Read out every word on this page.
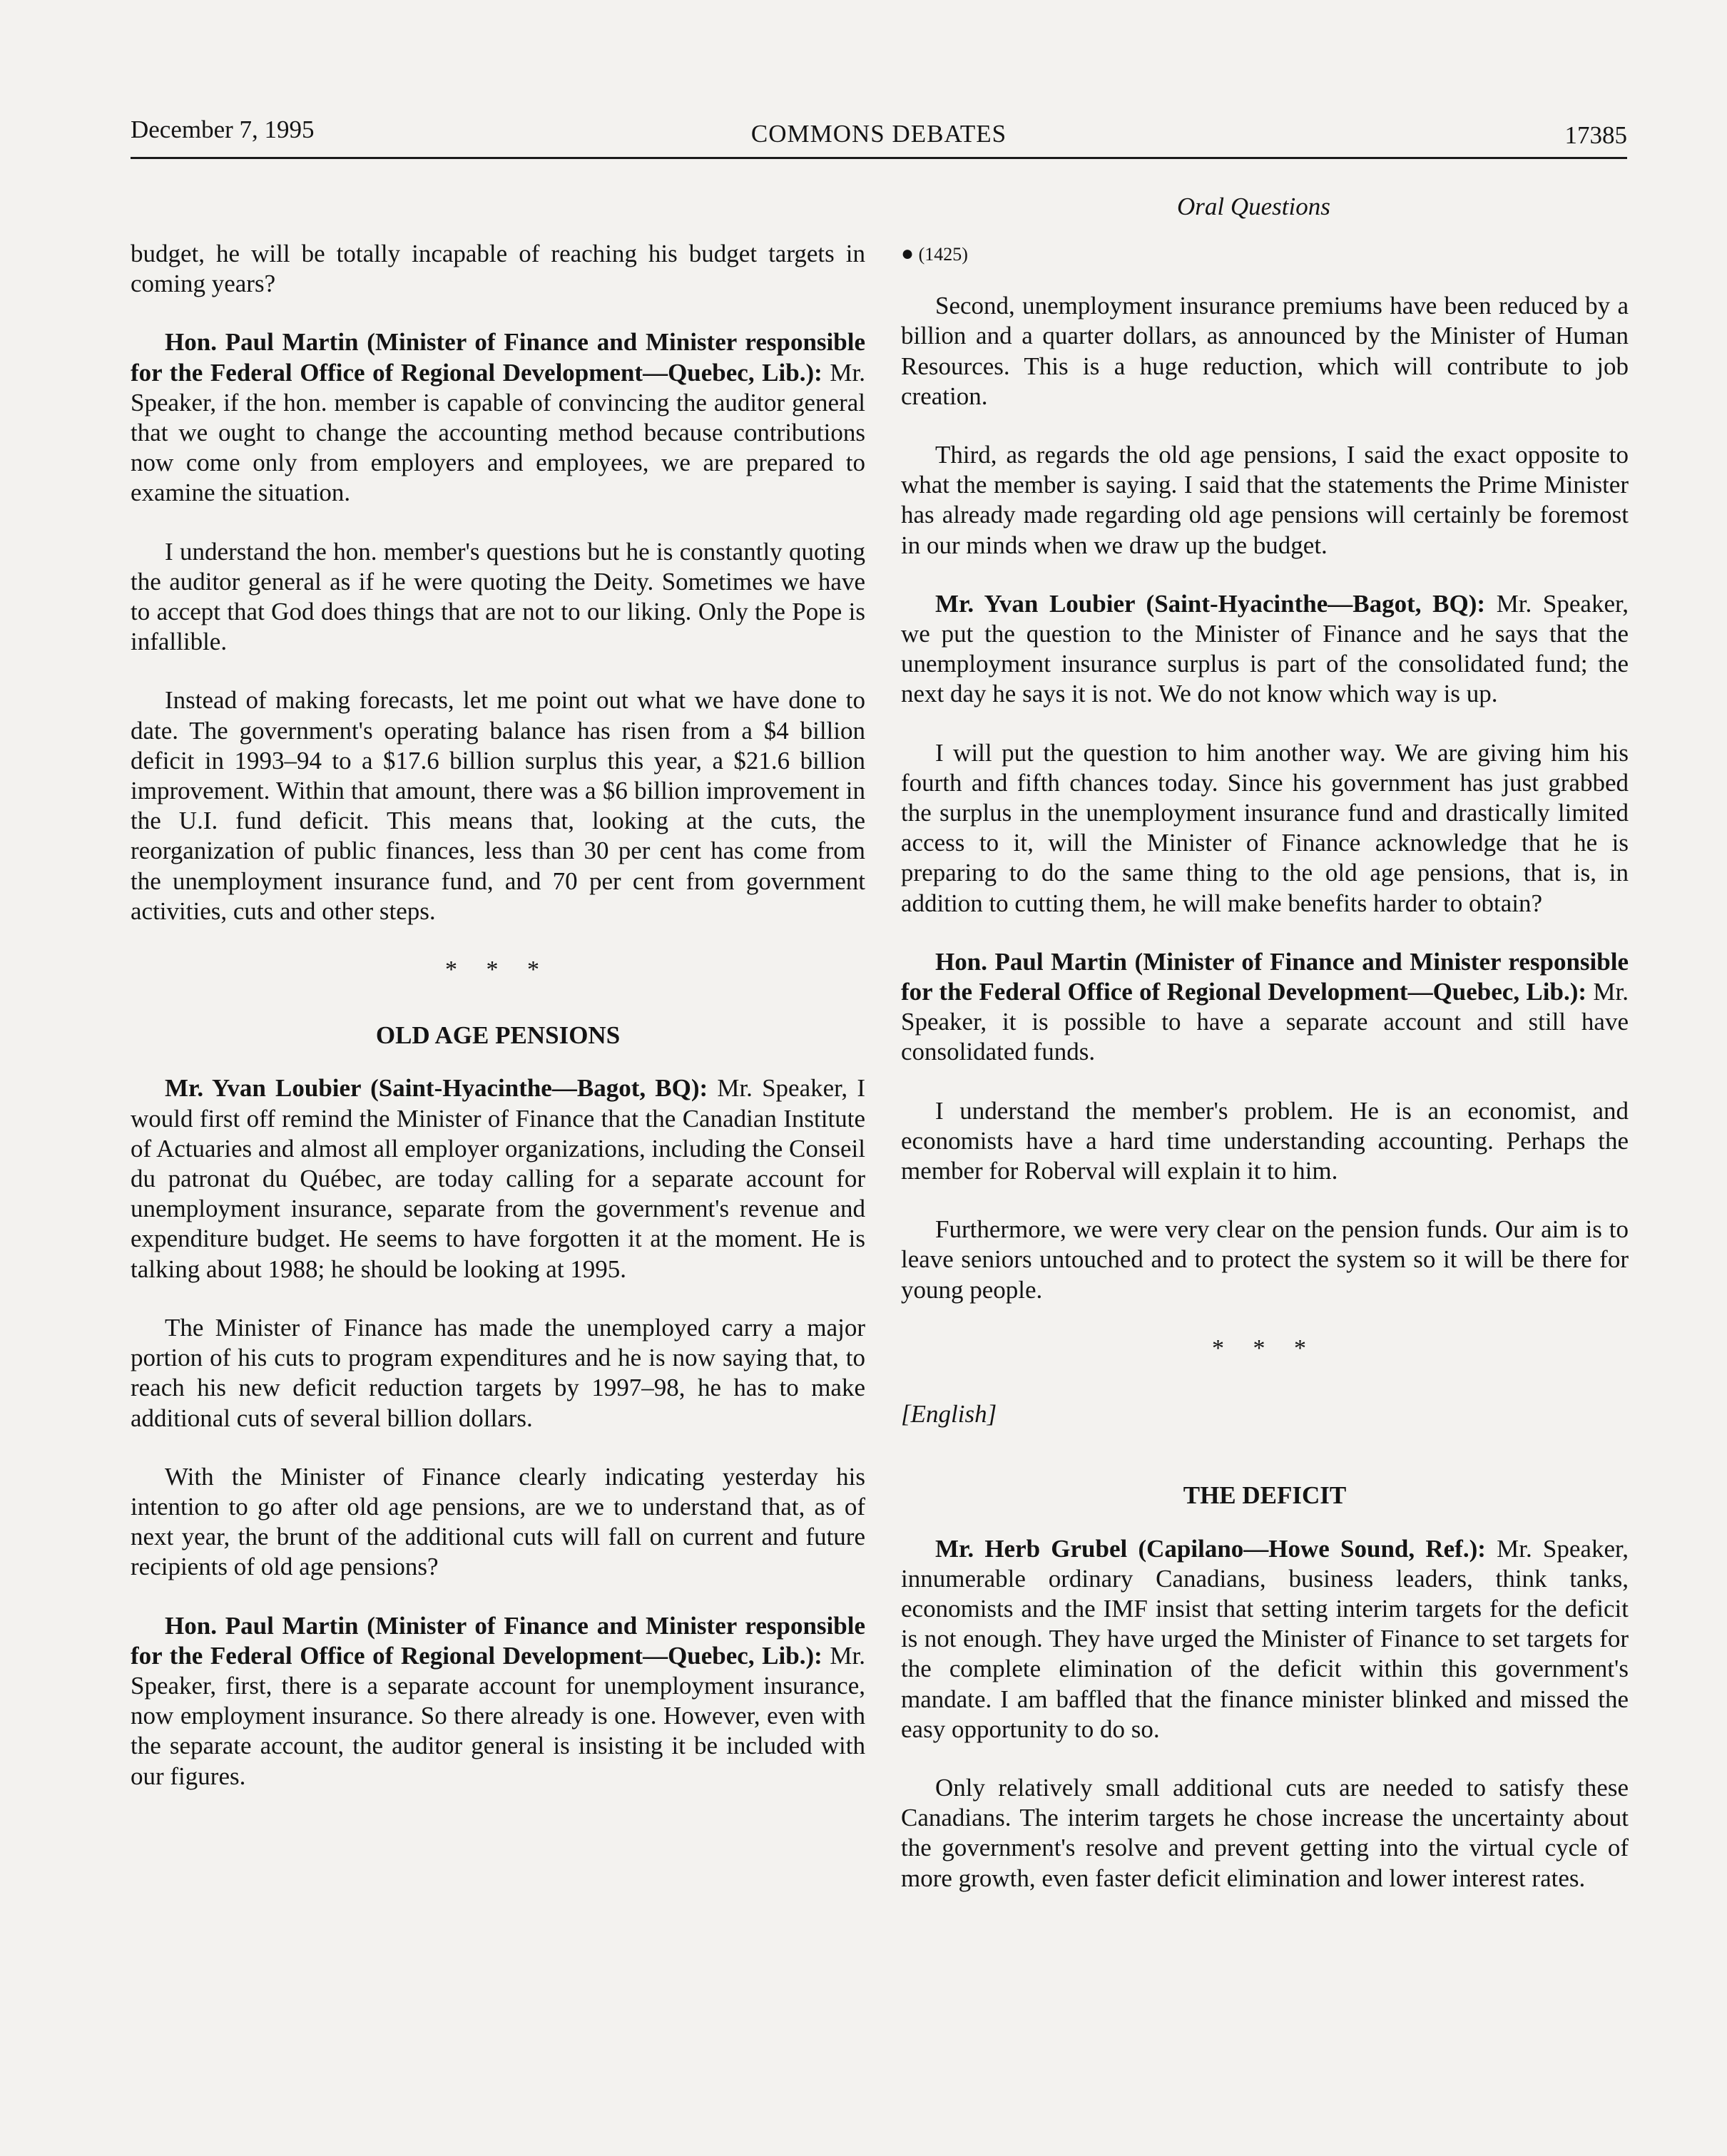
December 7, 1995	COMMONS DEBATES	17385
Oral Questions

budget, he will be totally incapable of reaching his budget targets in coming years?

Hon. Paul Martin (Minister of Finance and Minister responsible for the Federal Office of Regional Development—Quebec, Lib.): Mr. Speaker, if the hon. member is capable of convincing the auditor general that we ought to change the accounting method because contributions now come only from employers and employees, we are prepared to examine the situation.

I understand the hon. member's questions but he is constantly quoting the auditor general as if he were quoting the Deity. Sometimes we have to accept that God does things that are not to our liking. Only the Pope is infallible.

Instead of making forecasts, let me point out what we have done to date. The government's operating balance has risen from a $4 billion deficit in 1993–94 to a $17.6 billion surplus this year, a $21.6 billion improvement. Within that amount, there was a $6 billion improvement in the U.I. fund deficit. This means that, looking at the cuts, the reorganization of public finances, less than 30 per cent has come from the unemployment insurance fund, and 70 per cent from government activities, cuts and other steps.

* * *
OLD AGE PENSIONS

Mr. Yvan Loubier (Saint-Hyacinthe—Bagot, BQ): Mr. Speaker, I would first off remind the Minister of Finance that the Canadian Institute of Actuaries and almost all employer organizations, including the Conseil du patronat du Québec, are today calling for a separate account for unemployment insurance, separate from the government's revenue and expenditure budget. He seems to have forgotten it at the moment. He is talking about 1988; he should be looking at 1995.

The Minister of Finance has made the unemployed carry a major portion of his cuts to program expenditures and he is now saying that, to reach his new deficit reduction targets by 1997–98, he has to make additional cuts of several billion dollars.

With the Minister of Finance clearly indicating yesterday his intention to go after old age pensions, are we to understand that, as of next year, the brunt of the additional cuts will fall on current and future recipients of old age pensions?

Hon. Paul Martin (Minister of Finance and Minister responsible for the Federal Office of Regional Development—Quebec, Lib.): Mr. Speaker, first, there is a separate account for unemployment insurance, now employment insurance. So there already is one. However, even with the separate account, the auditor general is insisting it be included with our figures.

● (1425)

Second, unemployment insurance premiums have been reduced by a billion and a quarter dollars, as announced by the Minister of Human Resources. This is a huge reduction, which will contribute to job creation.

Third, as regards the old age pensions, I said the exact opposite to what the member is saying. I said that the statements the Prime Minister has already made regarding old age pensions will certainly be foremost in our minds when we draw up the budget.

Mr. Yvan Loubier (Saint-Hyacinthe—Bagot, BQ): Mr. Speaker, we put the question to the Minister of Finance and he says that the unemployment insurance surplus is part of the consolidated fund; the next day he says it is not. We do not know which way is up.

I will put the question to him another way. We are giving him his fourth and fifth chances today. Since his government has just grabbed the surplus in the unemployment insurance fund and drastically limited access to it, will the Minister of Finance acknowledge that he is preparing to do the same thing to the old age pensions, that is, in addition to cutting them, he will make benefits harder to obtain?

Hon. Paul Martin (Minister of Finance and Minister responsible for the Federal Office of Regional Development—Quebec, Lib.): Mr. Speaker, it is possible to have a separate account and still have consolidated funds.

I understand the member's problem. He is an economist, and economists have a hard time understanding accounting. Perhaps the member for Roberval will explain it to him.

Furthermore, we were very clear on the pension funds. Our aim is to leave seniors untouched and to protect the system so it will be there for young people.

* * *
[English]
THE DEFICIT

Mr. Herb Grubel (Capilano—Howe Sound, Ref.): Mr. Speaker, innumerable ordinary Canadians, business leaders, think tanks, economists and the IMF insist that setting interim targets for the deficit is not enough. They have urged the Minister of Finance to set targets for the complete elimination of the deficit within this government's mandate. I am baffled that the finance minister blinked and missed the easy opportunity to do so.

Only relatively small additional cuts are needed to satisfy these Canadians. The interim targets he chose increase the uncertainty about the government's resolve and prevent getting into the virtual cycle of more growth, even faster deficit elimination and lower interest rates.
